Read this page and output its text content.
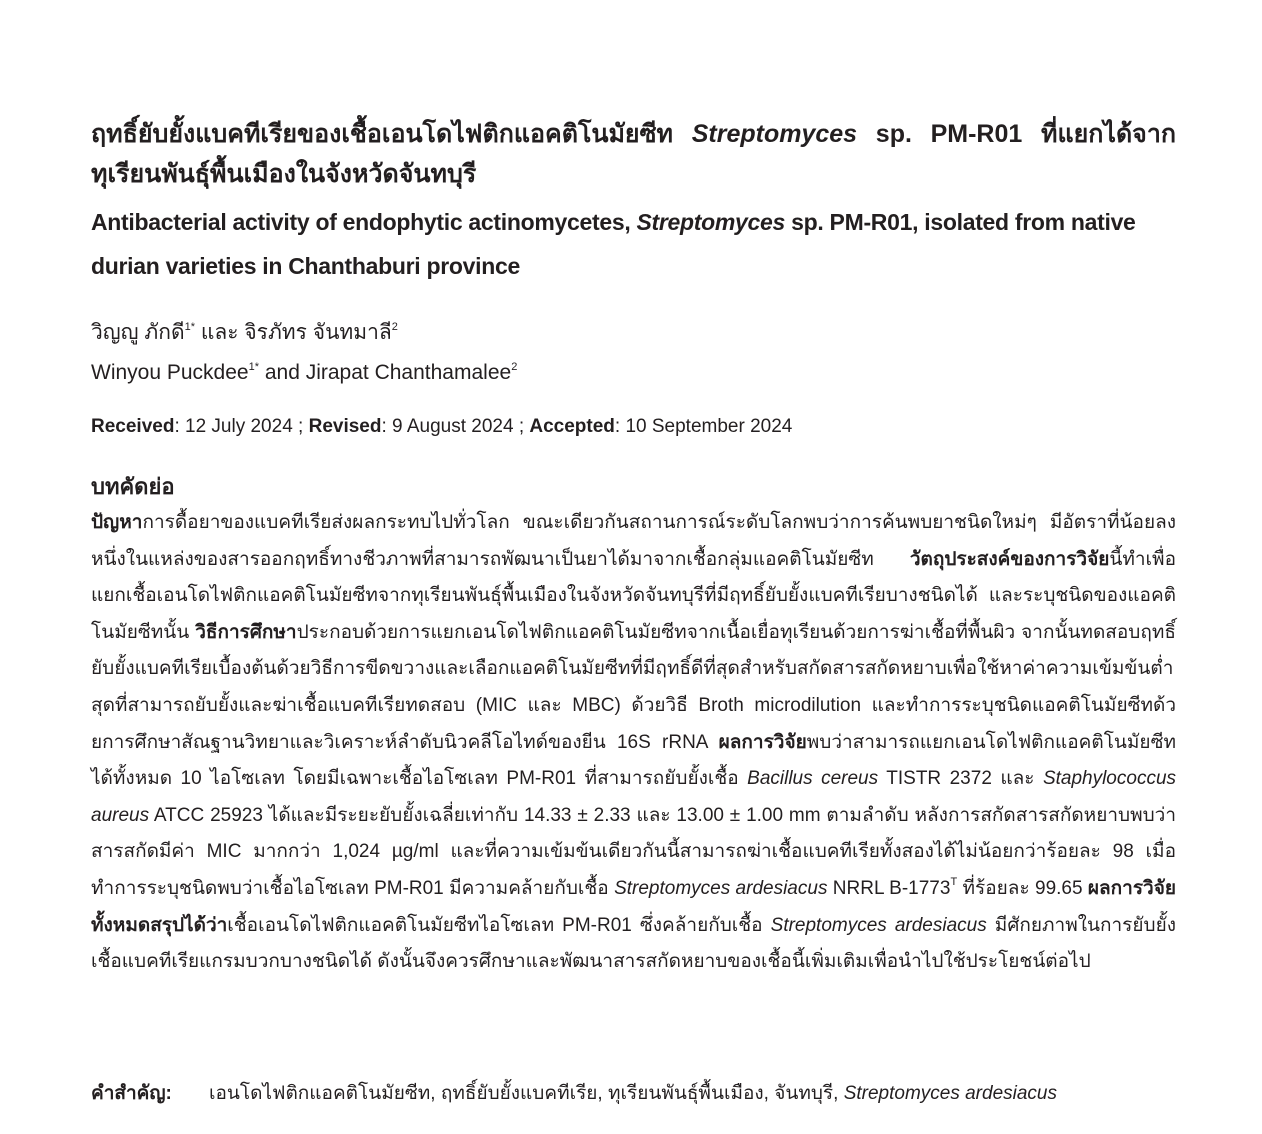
ฤทธิ์ยับยั้งแบคทีเรียของเชื้อเอนโดไฟติกแอคติโนมัยซีท Streptomyces sp. PM-R01 ที่แยกได้จากทุเรียนพันธุ์พื้นเมืองในจังหวัดจันทบุรี
Antibacterial activity of endophytic actinomycetes, Streptomyces sp. PM-R01, isolated from native durian varieties in Chanthaburi province
วิญญู ภักดี$^{1*}$ และ จิรภัทร จันทมาลี$^2$
Winyou Puckdee$^{1*}$ and Jirapat Chanthamalee$^2$
Received: 12 July 2024 ; Revised: 9 August 2024 ; Accepted: 10 September 2024
บทคัดย่อ
ปัญหาการดื้อยาของแบคทีเรียส่งผลกระทบไปทั่วโลก ขณะเดียวกันสถานการณ์ระดับโลกพบว่าการค้นพบยาชนิดใหม่ๆ มีอัตราที่น้อยลง หนึ่งในแหล่งของสารออกฤทธิ์ทางชีวภาพที่สามารถพัฒนาเป็นยาได้มาจากเชื้อกลุ่มแอคติโนมัยซีท วัตถุประสงค์ของการวิจัยนี้ทำเพื่อแยกเชื้อเอนโดไฟติกแอคติโนมัยซีทจากทุเรียนพันธุ์พื้นเมืองในจังหวัดจันทบุรีที่มีฤทธิ์ยับยั้งแบคทีเรียบางชนิดได้ และระบุชนิดของแอคติโนมัยซีทนั้น วิธีการศึกษาประกอบด้วยการแยกเอนโดไฟติกแอคติโนมัยซีทจากเนื้อเยื่อทุเรียนด้วยการฆ่าเชื้อที่พื้นผิว จากนั้นทดสอบฤทธิ์ยับยั้งแบคทีเรียเบื้องต้นด้วยวิธีการขีดขวางและเลือกแอคติโนมัยซีทที่มีฤทธิ์ดีที่สุดสำหรับสกัดสารสกัดหยาบเพื่อใช้หาค่าความเข้มข้นต่ำสุดที่สามารถยับยั้งและฆ่าเชื้อแบคทีเรียทดสอบ (MIC และ MBC) ด้วยวิธี Broth microdilution และทำการระบุชนิดแอคติโนมัยซีทด้วยการศึกษาสัณฐานวิทยาและวิเคราะห์ลำดับนิวคลีโอไทด์ของยีน 16S rRNA ผลการวิจัยพบว่าสามารถแยกเอนโดไฟติกแอคติโนมัยซีทได้ทั้งหมด 10 ไอโซเลท โดยมีเฉพาะเชื้อไอโซเลท PM-R01 ที่สามารถยับยั้งเชื้อ Bacillus cereus TISTR 2372 และ Staphylococcus aureus ATCC 25923 ได้และมีระยะยับยั้งเฉลี่ยเท่ากับ 14.33 ± 2.33 และ 13.00 ± 1.00 mm ตามลำดับ หลังการสกัดสารสกัดหยาบพบว่าสารสกัดมีค่า MIC มากกว่า 1,024 µg/ml และที่ความเข้มข้นเดียวกันนี้สามารถฆ่าเชื้อแบคทีเรียทั้งสองได้ไม่น้อยกว่าร้อยละ 98 เมื่อทำการระบุชนิดพบว่าเชื้อไอโซเลท PM-R01 มีความคล้ายกับเชื้อ Streptomyces ardesiacus NRRL $B-1773^T$ ที่ร้อยละ 99.65 ผลการวิจัยทั้งหมดสรุปได้ว่าเชื้อเอนโดไฟติกแอคติโนมัยซีทไอโซเลท PM-R01 ซึ่งคล้ายกับเชื้อ Streptomyces ardesiacus มีศักยภาพในการยับยั้งเชื้อแบคทีเรียแกรมบวกบางชนิดได้ ดังนั้นจึงควรศึกษาและพัฒนาสารสกัดหยาบของเชื้อนี้เพิ่มเติมเพื่อนำไปใช้ประโยชน์ต่อไป
คำสำคัญ: เอนโดไฟติกแอคติโนมัยซีท, ฤทธิ์ยับยั้งแบคทีเรีย, ทุเรียนพันธุ์พื้นเมือง, จันทบุรี, Streptomyces ardesiacus
